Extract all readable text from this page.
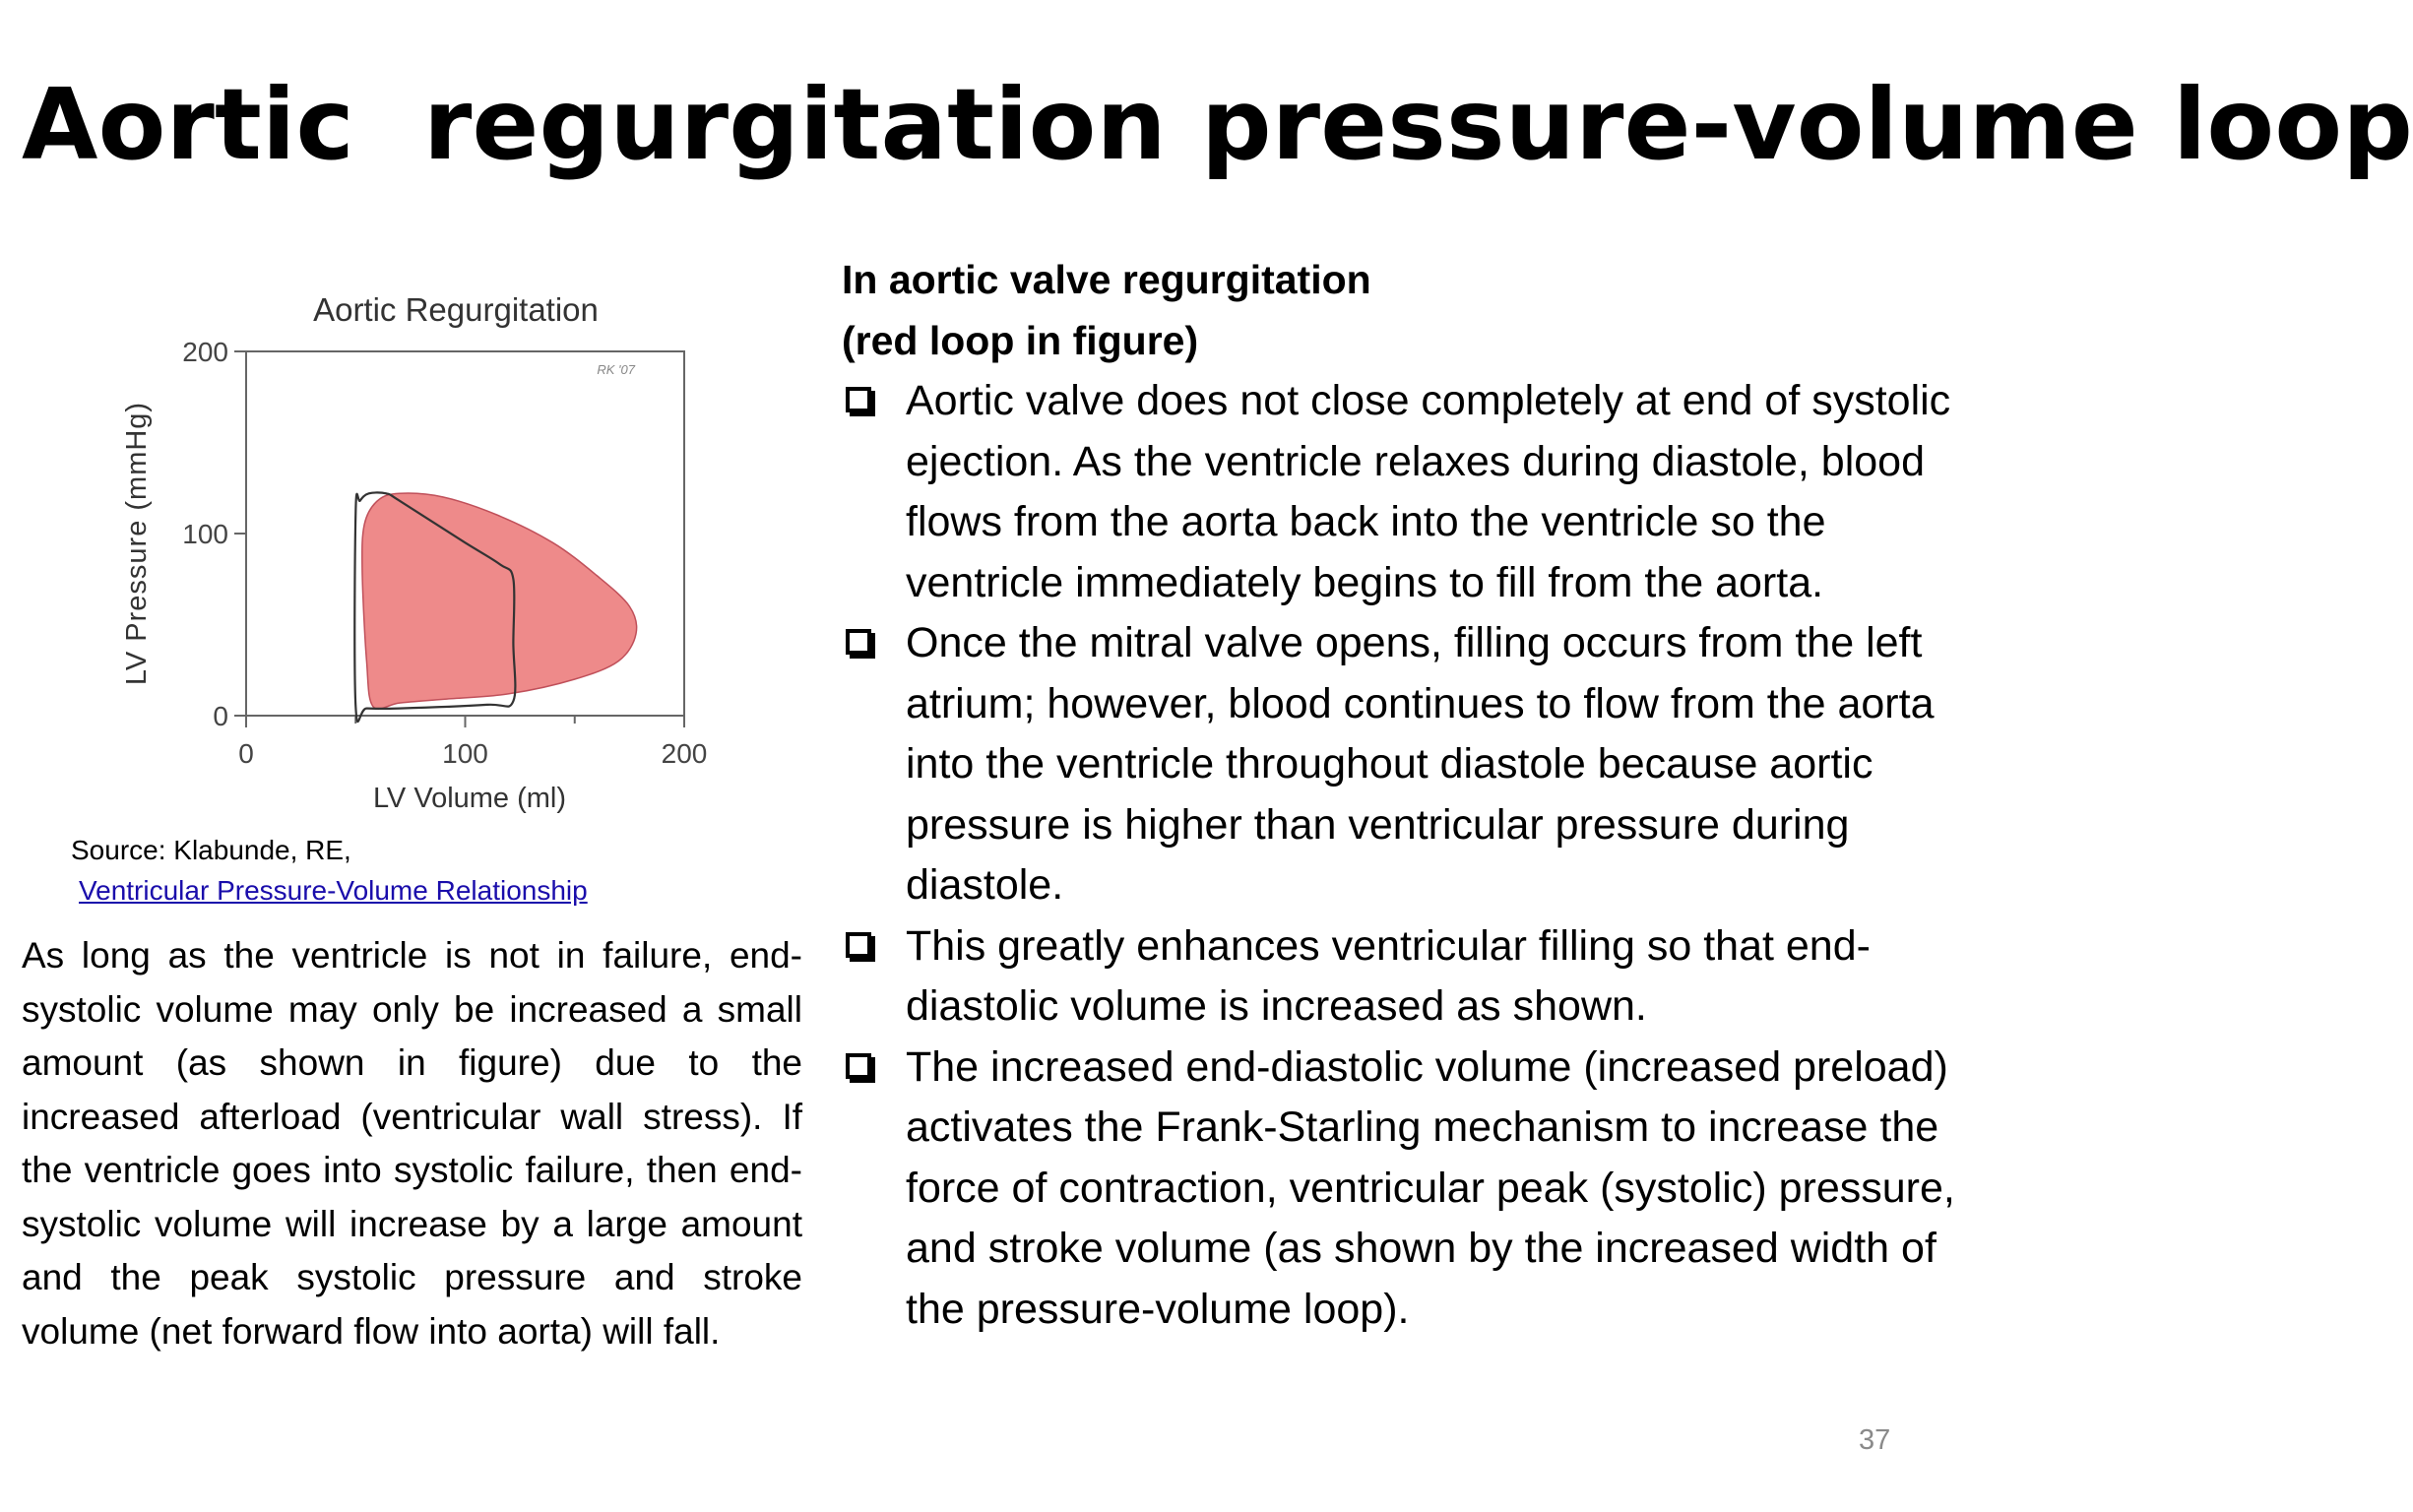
Aortic  regurgitation pressure-volume loop
Aortic Regurgitation
LV Pressure (mmHg)
LV Volume (ml)
RK '07
0
100
200
0	100	200
Source: Klabunde, RE,
Ventricular Pressure-Volume Relationship
As long as the ventricle is not in failure, end-systolic volume may only be increased a small amount (as shown in figure) due to the increased afterload (ventricular wall stress). If the ventricle goes into systolic failure, then end-systolic volume will increase by a large amount and the peak systolic pressure and stroke volume (net forward flow into aorta) will fall.
In aortic valve regurgitation
(red loop in figure)
Aortic valve does not close completely at end of systolic ejection. As the ventricle relaxes during diastole, blood flows from the aorta back into the ventricle so the ventricle immediately begins to fill from the aorta.
Once the mitral valve opens, filling occurs from the left atrium; however, blood continues to flow from the aorta into the ventricle throughout diastole because aortic pressure is higher than ventricular pressure during diastole.
This greatly enhances ventricular filling so that end-diastolic volume is increased as shown.
The increased end-diastolic volume (increased preload) activates the Frank-Starling mechanism to increase the force of contraction, ventricular peak (systolic) pressure, and stroke volume (as shown by the increased width of the pressure-volume loop).
37
